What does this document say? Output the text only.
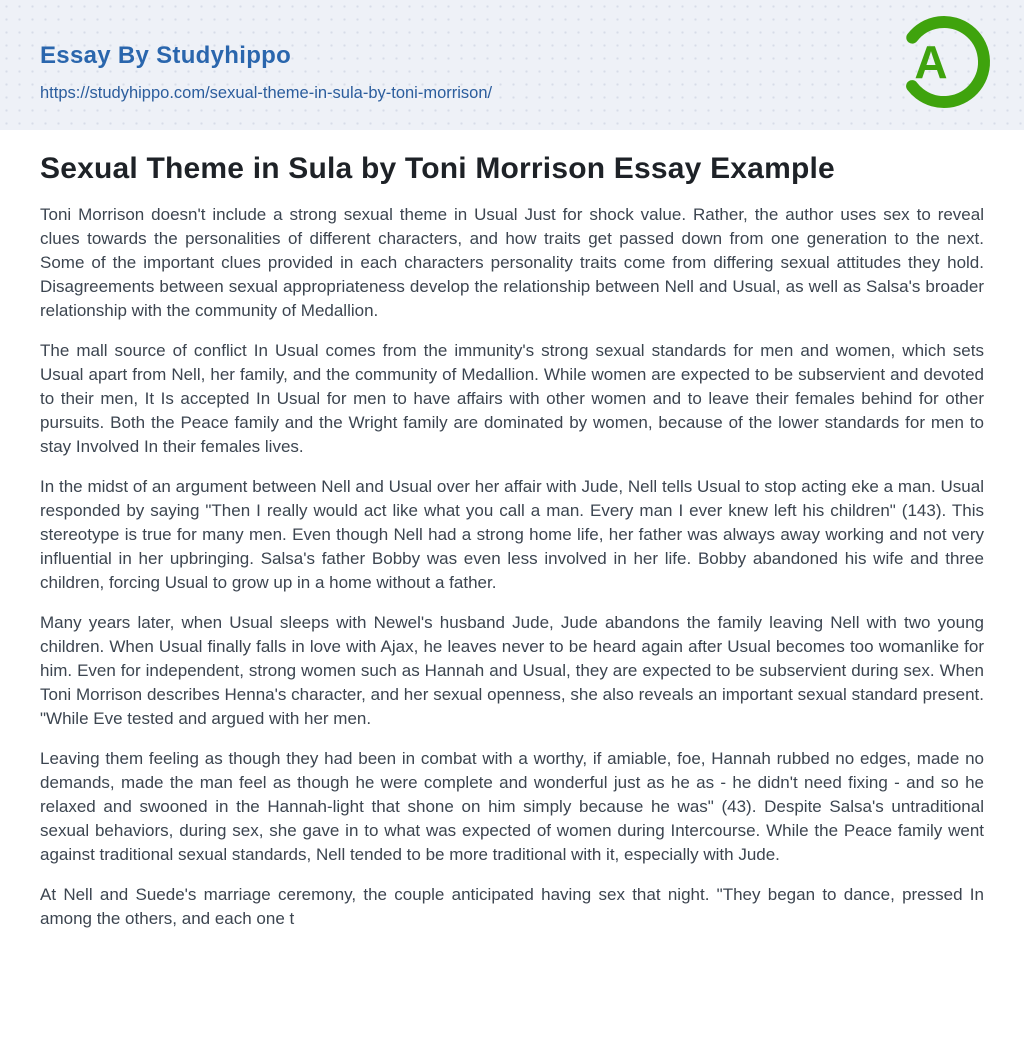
Essay By Studyhippo
https://studyhippo.com/sexual-theme-in-sula-by-toni-morrison/
A
Sexual Theme in Sula by Toni Morrison Essay Example

Toni Morrison doesn't include a strong sexual theme in Usual Just for shock value. Rather, the author uses sex to reveal clues towards the personalities of different characters, and how traits get passed down from one generation to the next. Some of the important clues provided in each characters personality traits come from differing sexual attitudes they hold. Disagreements between sexual appropriateness develop the relationship between Nell and Usual, as well as Salsa's broader relationship with the community of Medallion.

The mall source of conflict In Usual comes from the immunity's strong sexual standards for men and women, which sets Usual apart from Nell, her family, and the community of Medallion. While women are expected to be subservient and devoted to their men, It Is accepted In Usual for men to have affairs with other women and to leave their females behind for other pursuits. Both the Peace family and the Wright family are dominated by women, because of the lower standards for men to stay Involved In their females lives.

In the midst of an argument between Nell and Usual over her affair with Jude, Nell tells Usual to stop acting eke a man. Usual responded by saying "Then I really would act like what you call a man. Every man I ever knew left his children" (143). This stereotype is true for many men. Even though Nell had a strong home life, her father was always away working and not very influential in her upbringing. Salsa's father Bobby was even less involved in her life. Bobby abandoned his wife and three children, forcing Usual to grow up in a home without a father.

Many years later, when Usual sleeps with Newel's husband Jude, Jude abandons the family leaving Nell with two young children. When Usual finally falls in love with Ajax, he leaves never to be heard again after Usual becomes too womanlike for him. Even for independent, strong women such as Hannah and Usual, they are expected to be subservient during sex. When Toni Morrison describes Henna's character, and her sexual openness, she also reveals an important sexual standard present. "While Eve tested and argued with her men.

Leaving them feeling as though they had been in combat with a worthy, if amiable, foe, Hannah rubbed no edges, made no demands, made the man feel as though he were complete and wonderful just as he as - he didn't need fixing - and so he relaxed and swooned in the Hannah-light that shone on him simply because he was" (43). Despite Salsa's untraditional sexual behaviors, during sex, she gave in to what was expected of women during Intercourse. While the Peace family went against traditional sexual standards, Nell tended to be more traditional with it, especially with Jude.

At Nell and Suede's marriage ceremony, the couple anticipated having sex that night. "They began to dance, pressed In among the others, and each one t
